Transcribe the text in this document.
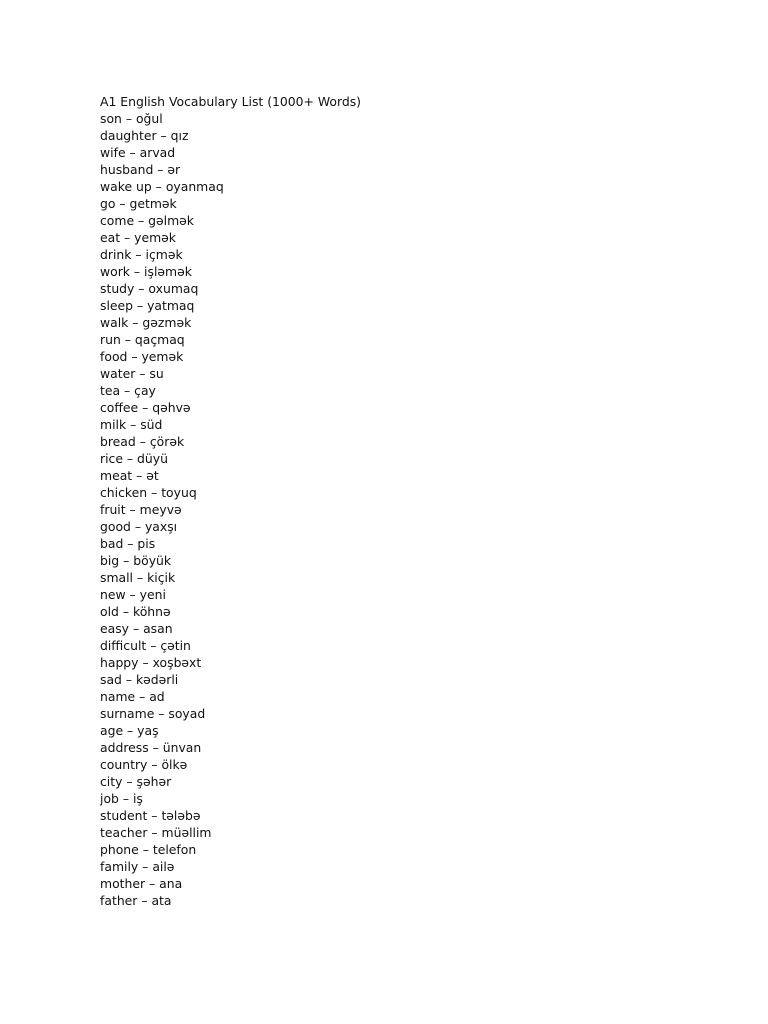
A1 English Vocabulary List (1000+ Words)
son – oğul
daughter – qız
wife – arvad
husband – ər
wake up – oyanmaq
go – getmək
come – gəlmək
eat – yemək
drink – içmək
work – işləmək
study – oxumaq
sleep – yatmaq
walk – gəzmək
run – qaçmaq
food – yemək
water – su
tea – çay
coffee – qəhvə
milk – süd
bread – çörək
rice – düyü
meat – ət
chicken – toyuq
fruit – meyvə
good – yaxşı
bad – pis
big – böyük
small – kiçik
new – yeni
old – köhnə
easy – asan
difficult – çətin
happy – xoşbəxt
sad – kədərli
name – ad
surname – soyad
age – yaş
address – ünvan
country – ölkə
city – şəhər
job – iş
student – tələbə
teacher – müəllim
phone – telefon
family – ailə
mother – ana
father – ata
